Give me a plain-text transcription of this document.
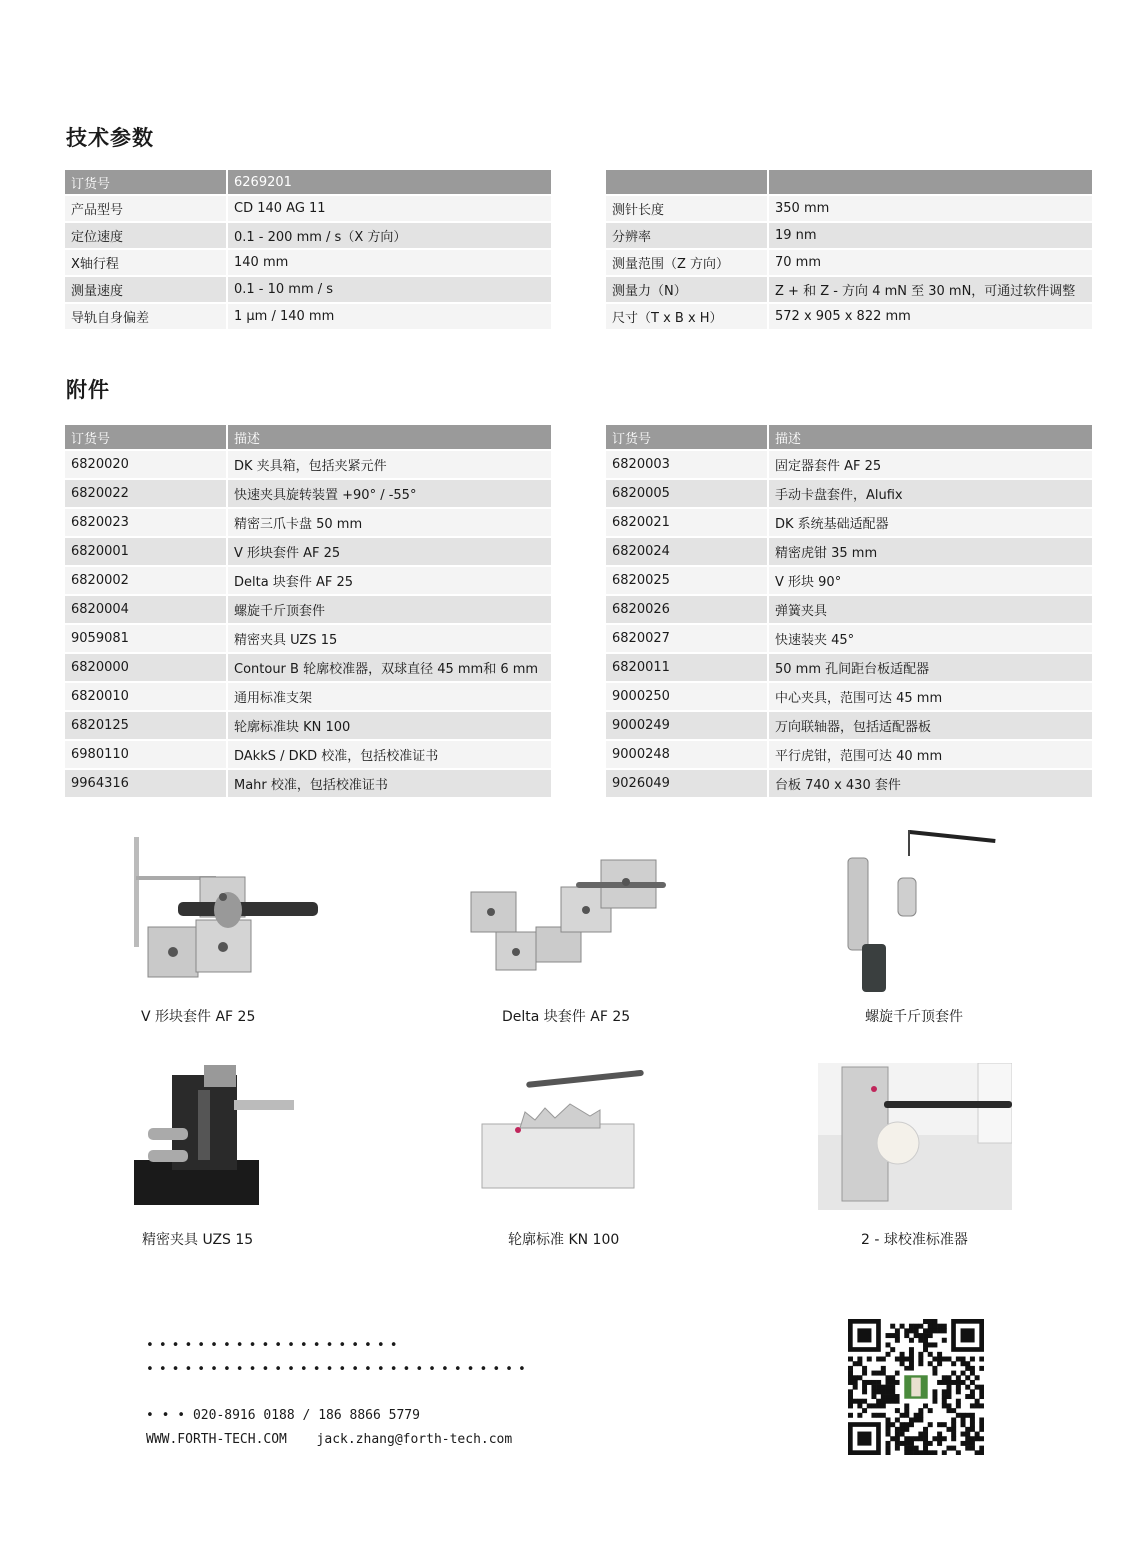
技术参数
附件
订货号	6269201
产品型号	CD 140 AG 11
定位速度	0.1 - 200 mm / s（X 方向）
X轴行程	140 mm
测量速度	0.1 - 10 mm / s
导轨自身偏差	1 μm / 140 mm

测针长度	350 mm
分辨率	19 nm
测量范围（Z 方向）	70 mm
测量力（N）	Z + 和 Z - 方向 4 mN 至 30 mN，可通过软件调整
尺寸（T x B x H）	572 x 905 x 822 mm
订货号	描述
6820020	DK 夹具箱，包括夹紧元件
6820022	快速夹具旋转装置 +90° / -55°
6820023	精密三爪卡盘 50 mm
6820001	V 形块套件 AF 25
6820002	Delta 块套件 AF 25
6820004	螺旋千斤顶套件
9059081	精密夹具 UZS 15
6820000	Contour B 轮廓校准器，双球直径 45 mm和 6 mm
6820010	通用标准支架
6820125	轮廓标准块 KN 100
6980110	DAkkS / DKD 校准，包括校准证书
9964316	Mahr 校准，包括校准证书
订货号	描述
6820003	固定器套件 AF 25
6820005	手动卡盘套件，Alufix
6820021	DK 系统基础适配器
6820024	精密虎钳 35 mm
6820025	V 形块 90°
6820026	弹簧夹具
6820027	快速装夹 45°
6820011	50 mm 孔间距台板适配器
9000250	中心夹具，范围可达 45 mm
9000249	万向联轴器，包括适配器板
9000248	平行虎钳，范围可达 40 mm
9026049	台板 740 x 430 套件
V 形块套件 AF 25	Delta 块套件 AF 25	螺旋千斤顶套件
精密夹具 UZS 15	轮廓标准 KN 100	2 - 球校准标准器
••••••••••••••••••••
••••••••••••••••••••••••••••••
• • • 020-8916 0188 / 186 8866 5779
WWW.FORTH-TECH.COM jack.zhang@forth-tech.com
